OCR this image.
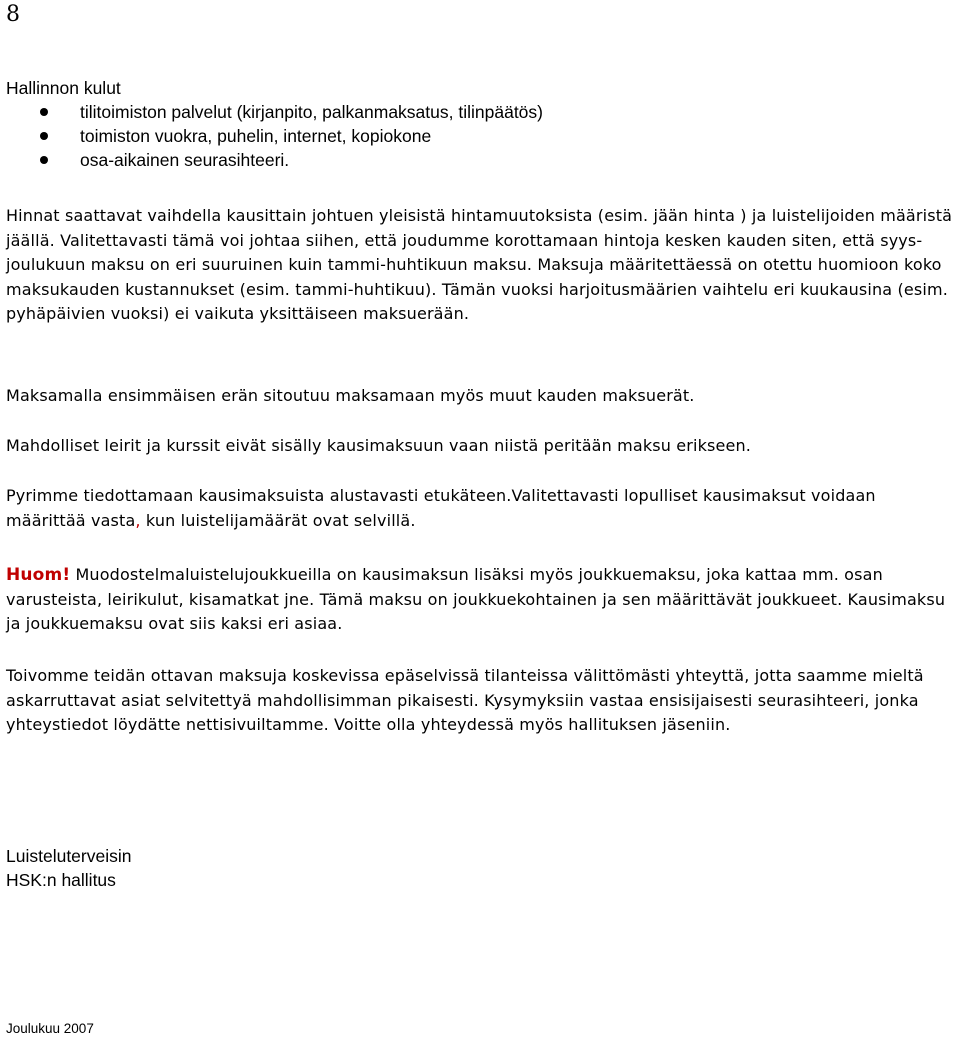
8
Hallinnon kulut
tilitoimiston palvelut (kirjanpito, palkanmaksatus, tilinpäätös)
toimiston vuokra, puhelin, internet, kopiokone
osa-aikainen seurasihteeri.

Hinnat saattavat vaihdella kausittain johtuen yleisistä hintamuutoksista (esim. jään hinta ) ja luistelijoiden määristä jäällä. Valitettavasti tämä voi johtaa siihen, että joudumme korottamaan hintoja kesken kauden siten, että syys-joulukuun maksu on eri suuruinen kuin tammi-huhtikuun maksu. Maksuja määritettäessä on otettu huomioon koko maksukauden kustannukset (esim. tammi-huhtikuu). Tämän vuoksi harjoitusmäärien vaihtelu eri kuukausina (esim. pyhäpäivien vuoksi) ei vaikuta yksittäiseen maksuerään.

Maksamalla ensimmäisen erän sitoutuu maksamaan myös muut kauden maksuerät.

Mahdolliset leirit ja kurssit eivät sisälly kausimaksuun vaan niistä peritään maksu erikseen.

Pyrimme tiedottamaan kausimaksuista alustavasti etukäteen.Valitettavasti lopulliset kausimaksut voidaan määrittää vasta, kun luistelijamäärät ovat selvillä.

Huom! Muodostelmaluistelujoukkueilla on kausimaksun lisäksi myös joukkuemaksu, joka kattaa mm. osan varusteista, leirikulut, kisamatkat jne. Tämä maksu on joukkuekohtainen ja sen määrittävät joukkueet. Kausimaksu ja joukkuemaksu ovat siis kaksi eri asiaa.

Toivomme teidän ottavan maksuja koskevissa epäselvissä tilanteissa välittömästi yhteyttä, jotta saamme mieltä askarruttavat asiat selvitettyä mahdollisimman pikaisesti. Kysymyksiin vastaa ensisijaisesti seurasihteeri, jonka yhteystiedot löydätte nettisivuiltamme. Voitte olla yhteydessä myös hallituksen jäseniin.

Luisteluterveisin
HSK:n hallitus
Joulukuu 2007
